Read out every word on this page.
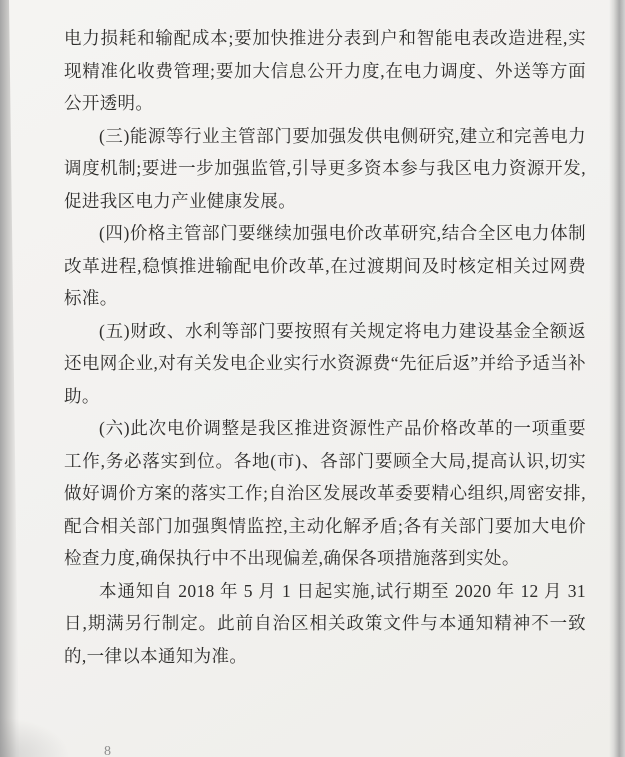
电力损耗和输配成本;要加快推进分表到户和智能电表改造进程,实现精准化收费管理;要加大信息公开力度,在电力调度、外送等方面公开透明。

(三)能源等行业主管部门要加强发供电侧研究,建立和完善电力调度机制;要进一步加强监管,引导更多资本参与我区电力资源开发,促进我区电力产业健康发展。

(四)价格主管部门要继续加强电价改革研究,结合全区电力体制改革进程,稳慎推进输配电价改革,在过渡期间及时核定相关过网费标准。

(五)财政、水利等部门要按照有关规定将电力建设基金全额返还电网企业,对有关发电企业实行水资源费“先征后返”并给予适当补助。

(六)此次电价调整是我区推进资源性产品价格改革的一项重要工作,务必落实到位。各地(市)、各部门要顾全大局,提高认识,切实做好调价方案的落实工作;自治区发展改革委要精心组织,周密安排,配合相关部门加强舆情监控,主动化解矛盾;各有关部门要加大电价检查力度,确保执行中不出现偏差,确保各项措施落到实处。

本通知自 2018 年 5 月 1 日起实施,试行期至 2020 年 12 月 31 日,期满另行制定。此前自治区相关政策文件与本通知精神不一致的,一律以本通知为准。

8
